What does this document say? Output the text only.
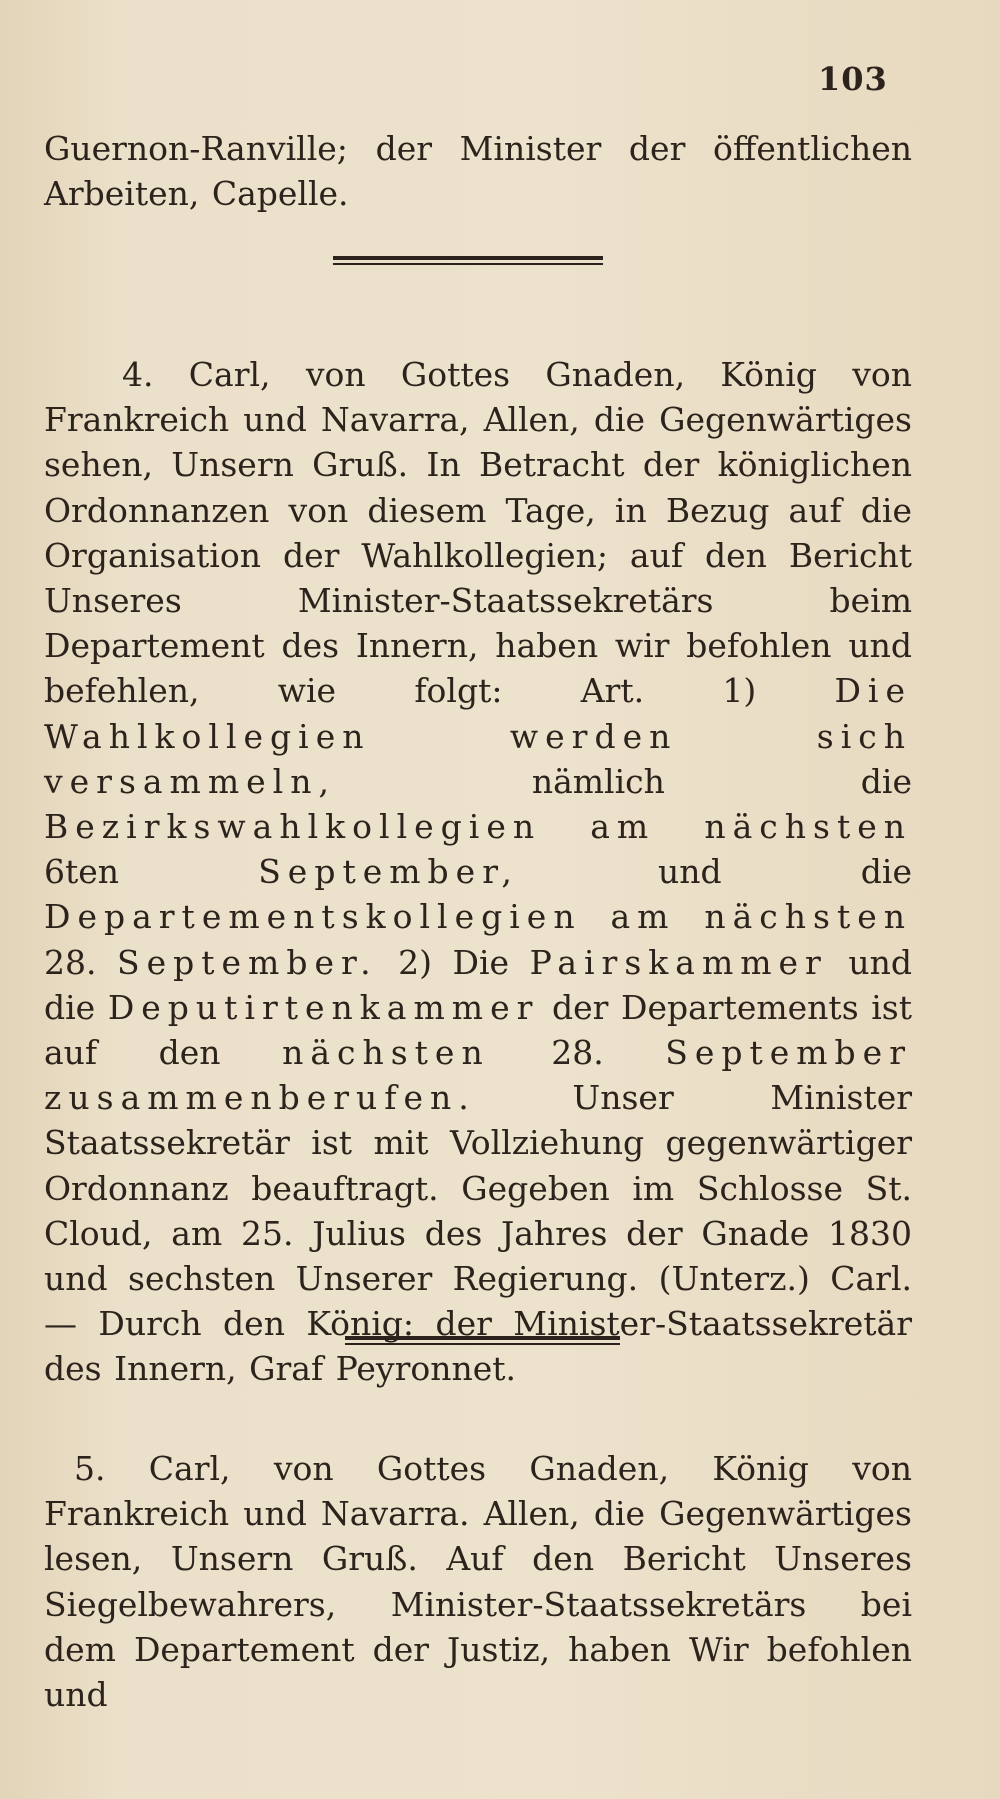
103

Guernon-Ranville; der Minister der öffentlichen Arbeiten, Capelle.

4. Carl, von Gottes Gnaden, König von Frankreich und Navarra, Allen, die Gegenwärtiges sehen, Unsern Gruß. In Betracht der königlichen Ordonnanzen von diesem Tage, in Bezug auf die Organisation der Wahlkollegien; auf den Bericht Unseres Minister-Staatssekretärs beim Departement des Innern, haben wir befohlen und befehlen, wie folgt: Art. 1) Die Wahlkollegien werden sich versammeln, nämlich die Bezirkswahlkollegien am nächsten 6ten September, und die Departementskollegien am nächsten 28. September. 2) Die Pairskammer und die Deputirtenkammer der Departements ist auf den nächsten 28. September zusammenberufen. Unser Minister Staatssekretär ist mit Vollziehung gegenwärtiger Ordonnanz beauftragt. Gegeben im Schlosse St. Cloud, am 25. Julius des Jahres der Gnade 1830 und sechsten Unserer Regierung. (Unterz.) Carl. — Durch den König: der Minister-Staatssekretär des Innern, Graf Peyronnet.

5. Carl, von Gottes Gnaden, König von Frankreich und Navarra. Allen, die Gegenwärtiges lesen, Unsern Gruß. Auf den Bericht Unseres Siegelbewahrers, Minister-Staatssekretärs bei dem Departement der Justiz, haben Wir befohlen und
